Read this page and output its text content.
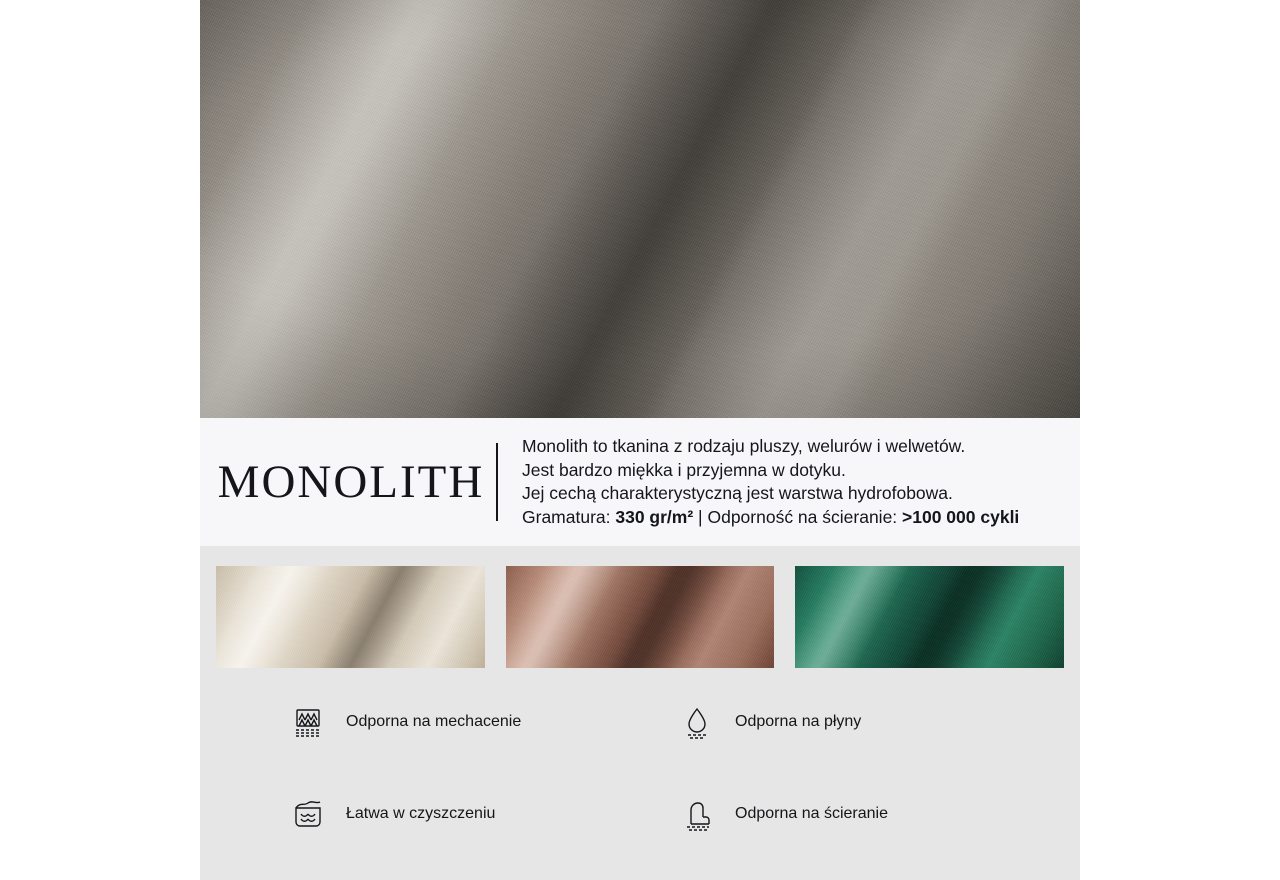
MONOLITH
Monolith to tkanina z rodzaju pluszy, welurów i welwetów.
Jest bardzo miękka i przyjemna w dotyku.
Jej cechą charakterystyczną jest warstwa hydrofobowa.
Gramatura: 330 gr/m² | Odporność na ścieranie: >100 000 cykli
Odporna na mechacenie	Odporna na płyny
Łatwa w czyszczeniu	Odporna na ścieranie
